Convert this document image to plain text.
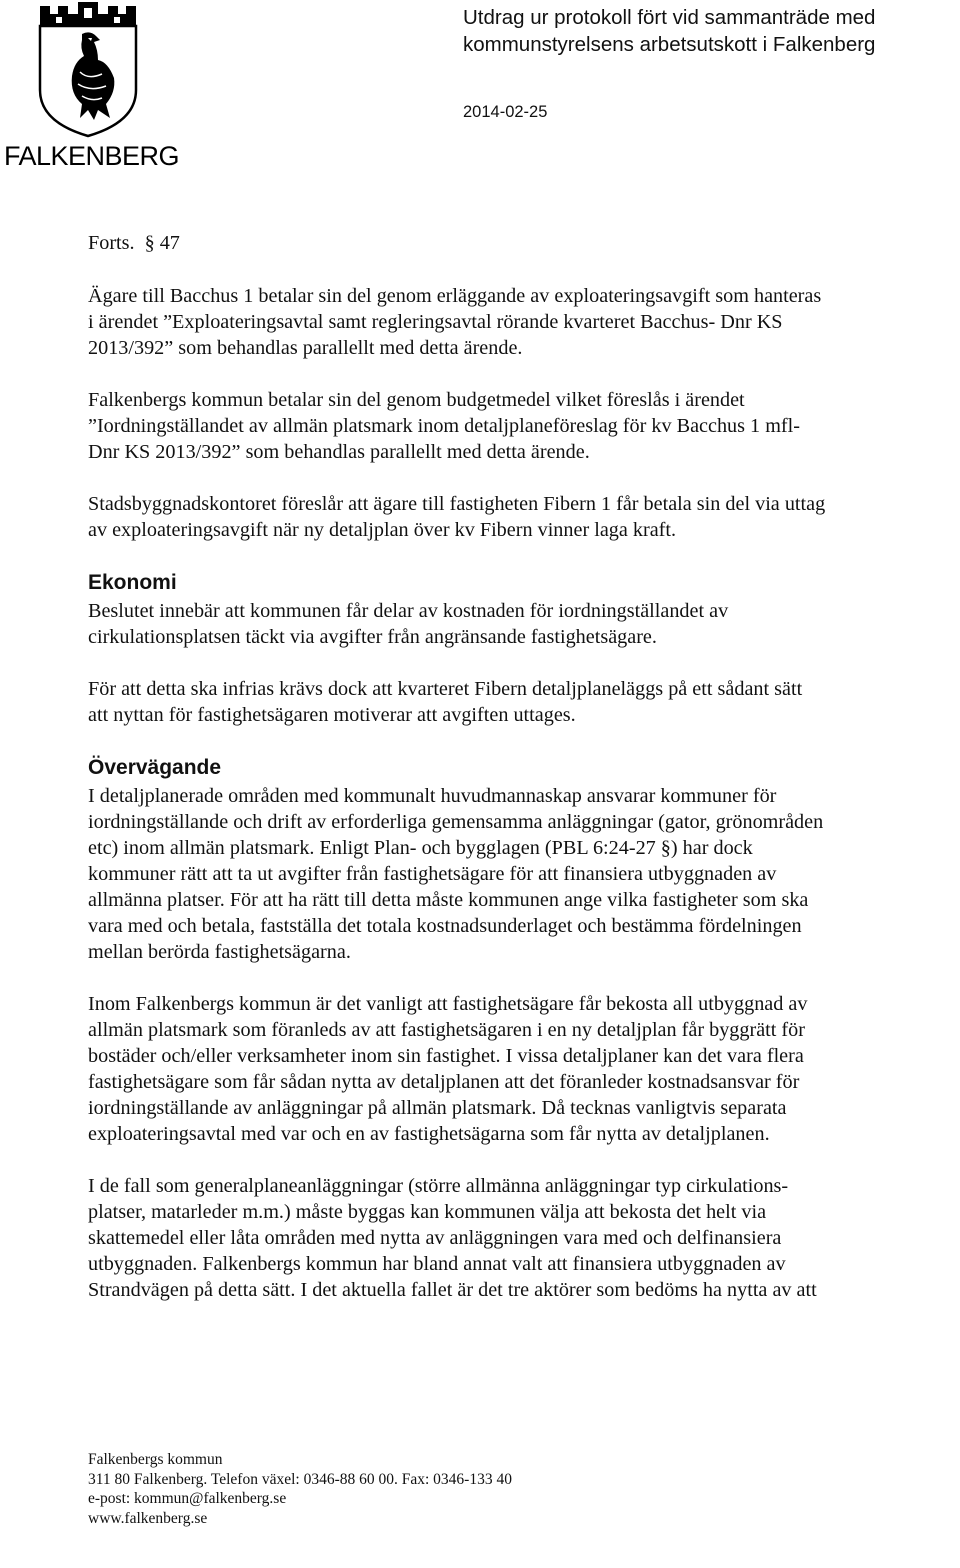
FALKENBERG
Utdrag ur protokoll fört vid sammanträde med
kommunstyrelsens arbetsutskott i Falkenberg
2014-02-25
Forts. § 47

Ägare till Bacchus 1 betalar sin del genom erläggande av exploateringsavgift som hanteras
i ärendet ”Exploateringsavtal samt regleringsavtal rörande kvarteret Bacchus- Dnr KS
2013/392” som behandlas parallellt med detta ärende.

Falkenbergs kommun betalar sin del genom budgetmedel vilket föreslås i ärendet
”Iordningställandet av allmän platsmark inom detaljplaneföreslag för kv Bacchus 1 mfl-
Dnr KS 2013/392” som behandlas parallellt med detta ärende.

Stadsbyggnadskontoret föreslår att ägare till fastigheten Fibern 1 får betala sin del via uttag
av exploateringsavgift när ny detaljplan över kv Fibern vinner laga kraft.

Ekonomi

Beslutet innebär att kommunen får delar av kostnaden för iordningställandet av
cirkulationsplatsen täckt via avgifter från angränsande fastighetsägare.

För att detta ska infrias krävs dock att kvarteret Fibern detaljplaneläggs på ett sådant sätt
att nyttan för fastighetsägaren motiverar att avgiften uttages.

Övervägande

I detaljplanerade områden med kommunalt huvudmannaskap ansvarar kommuner för
iordningställande och drift av erforderliga gemensamma anläggningar (gator, grönområden
etc) inom allmän platsmark. Enligt Plan- och bygglagen (PBL 6:24-27 §) har dock
kommuner rätt att ta ut avgifter från fastighetsägare för att finansiera utbyggnaden av
allmänna platser. För att ha rätt till detta måste kommunen ange vilka fastigheter som ska
vara med och betala, fastställa det totala kostnadsunderlaget och bestämma fördelningen
mellan berörda fastighetsägarna.

Inom Falkenbergs kommun är det vanligt att fastighetsägare får bekosta all utbyggnad av
allmän platsmark som föranleds av att fastighetsägaren i en ny detaljplan får byggrätt för
bostäder och/eller verksamheter inom sin fastighet. I vissa detaljplaner kan det vara flera
fastighetsägare som får sådan nytta av detaljplanen att det föranleder kostnadsansvar för
iordningställande av anläggningar på allmän platsmark. Då tecknas vanligtvis separata
exploateringsavtal med var och en av fastighetsägarna som får nytta av detaljplanen.

I de fall som generalplaneanläggningar (större allmänna anläggningar typ cirkulations-
platser, matarleder m.m.) måste byggas kan kommunen välja att bekosta det helt via
skattemedel eller låta områden med nytta av anläggningen vara med och delfinansiera
utbyggnaden. Falkenbergs kommun har bland annat valt att finansiera utbyggnaden av
Strandvägen på detta sätt. I det aktuella fallet är det tre aktörer som bedöms ha nytta av att

Falkenbergs kommun
311 80 Falkenberg. Telefon växel: 0346-88 60 00. Fax: 0346-133 40
e-post: kommun@falkenberg.se
www.falkenberg.se
